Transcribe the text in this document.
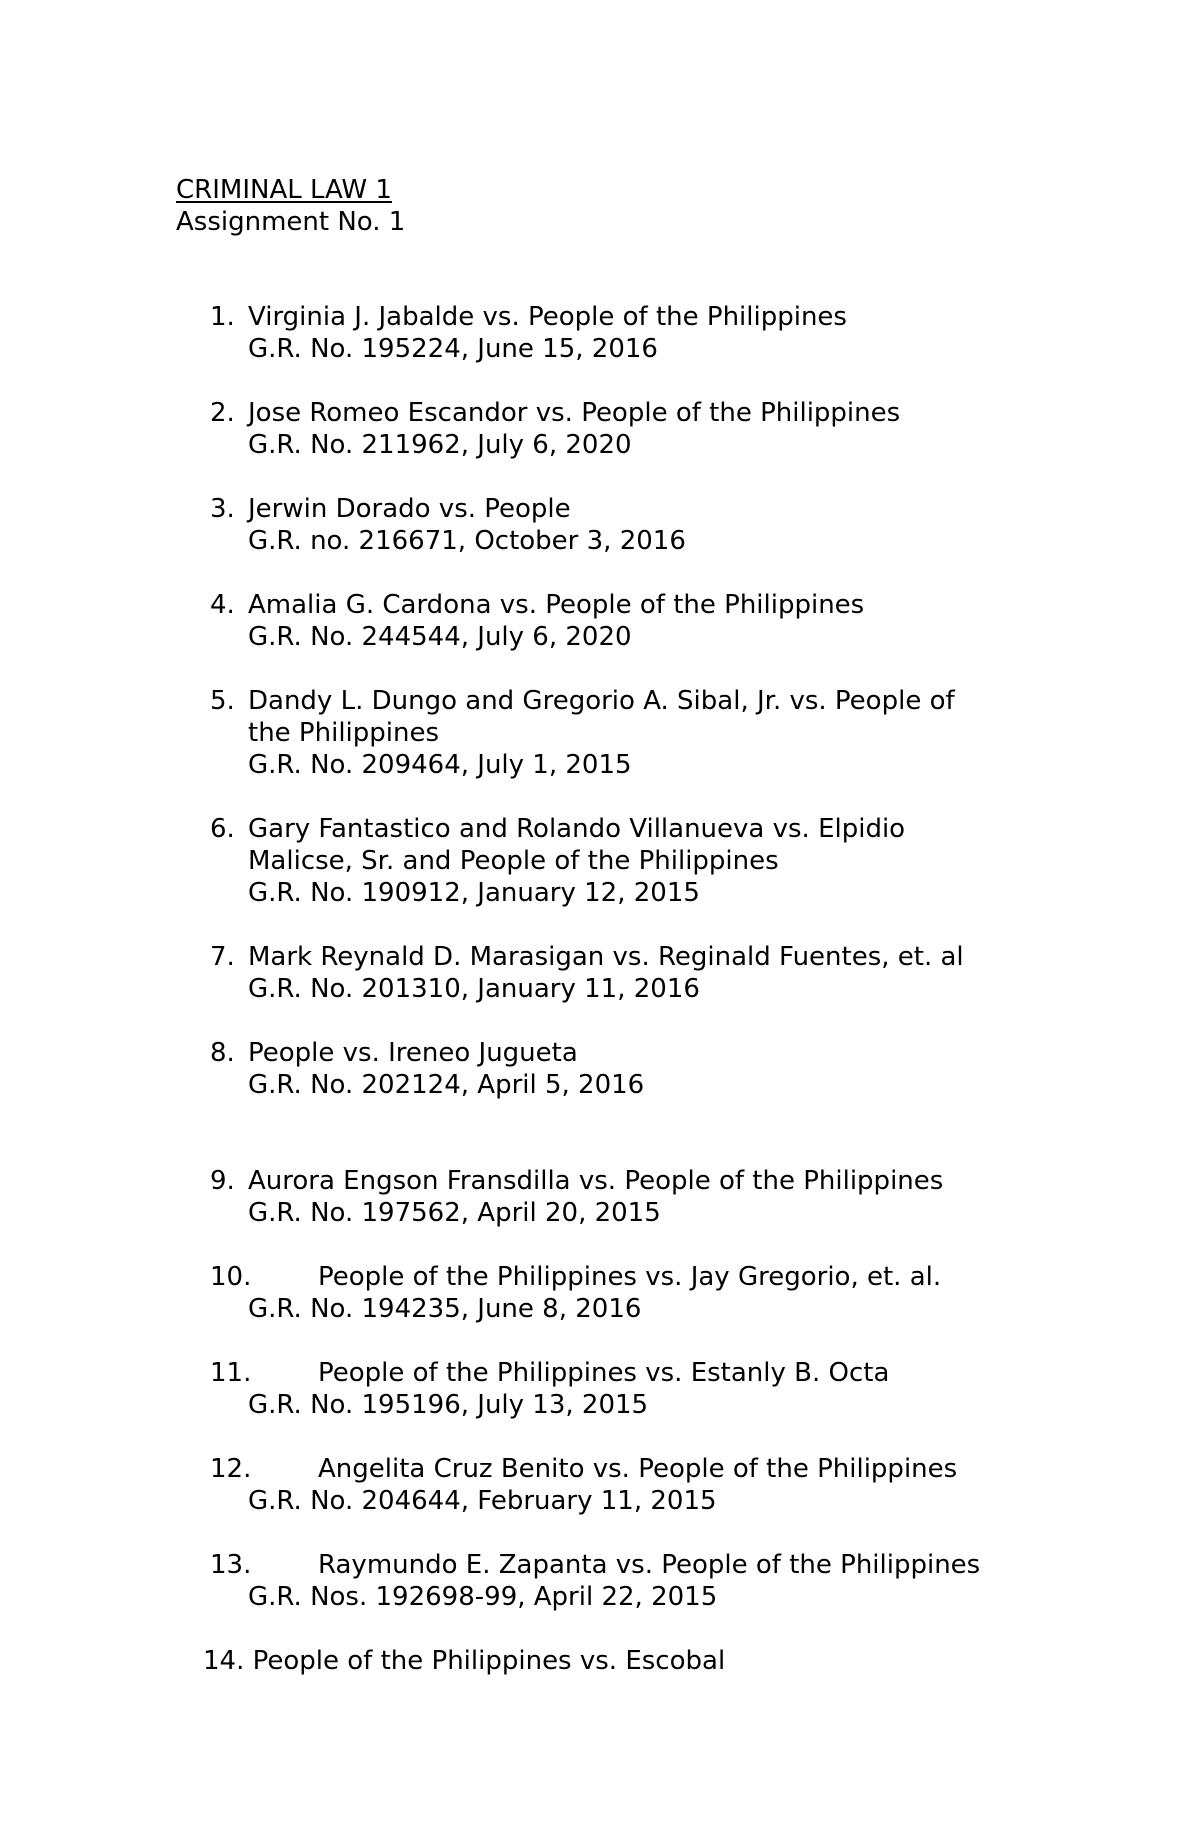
CRIMINAL LAW 1
Assignment No. 1
1. Virginia J. Jabalde vs. People of the Philippines
G.R. No. 195224, June 15, 2016
2. Jose Romeo Escandor vs. People of the Philippines
G.R. No. 211962, July 6, 2020
3. Jerwin Dorado vs. People
G.R. no. 216671, October 3, 2016
4. Amalia G. Cardona vs. People of the Philippines
G.R. No. 244544, July 6, 2020
5. Dandy L. Dungo and Gregorio A. Sibal, Jr. vs. People of
the Philippines
G.R. No. 209464, July 1, 2015
6. Gary Fantastico and Rolando Villanueva vs. Elpidio
Malicse, Sr. and People of the Philippines
G.R. No. 190912, January 12, 2015
7. Mark Reynald D. Marasigan vs. Reginald Fuentes, et. al
G.R. No. 201310, January 11, 2016
8. People vs. Ireneo Jugueta
G.R. No. 202124, April 5, 2016
9. Aurora Engson Fransdilla vs. People of the Philippines
G.R. No. 197562, April 20, 2015
10.	People of the Philippines vs. Jay Gregorio, et. al.
G.R. No. 194235, June 8, 2016
11.	People of the Philippines vs. Estanly B. Octa
G.R. No. 195196, July 13, 2015
12.	Angelita Cruz Benito vs. People of the Philippines
G.R. No. 204644, February 11, 2015
13.	Raymundo E. Zapanta vs. People of the Philippines
G.R. Nos. 192698-99, April 22, 2015
14. People of the Philippines vs. Escobal
